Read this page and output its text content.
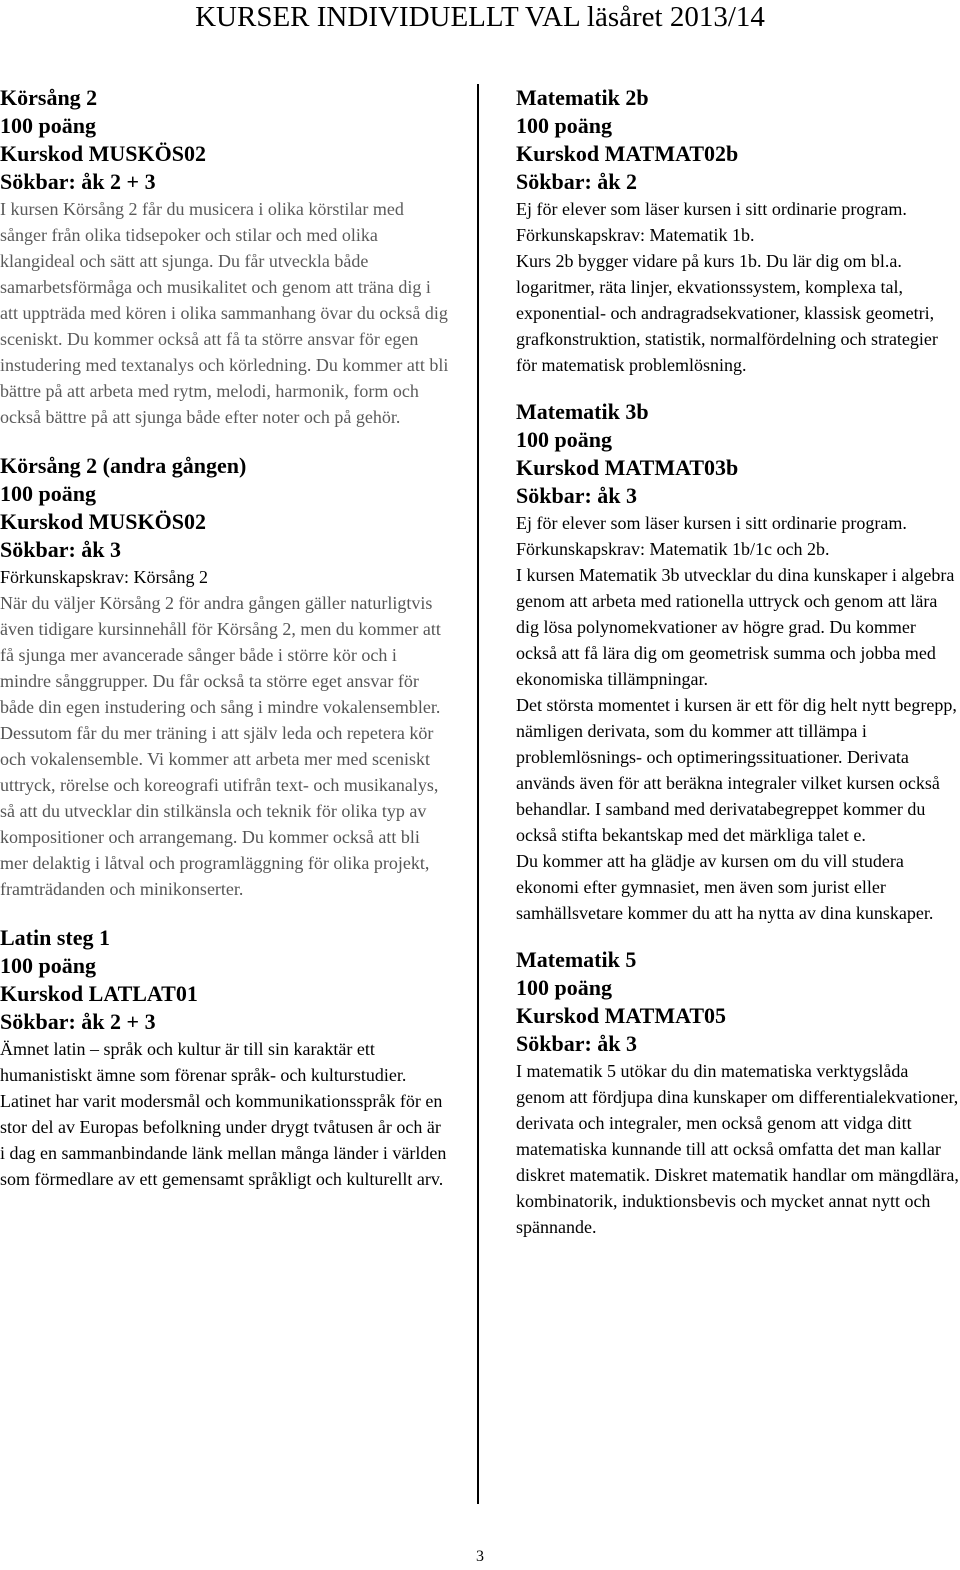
KURSER INDIVIDUELLT VAL läsåret 2013/14
Körsång 2
100 poäng
Kurskod MUSKÖS02
Sökbar: åk 2 + 3
I kursen Körsång 2 får du musicera i olika körstilar med sånger från olika tidsepoker och stilar och med olika klangideal och sätt att sjunga. Du får utveckla både samarbetsförmåga och musikalitet och genom att träna dig i att uppträda med kören i olika sammanhang övar du också dig sceniskt. Du kommer också att få ta större ansvar för egen instudering med textanalys och körledning. Du kommer att bli bättre på att arbeta med rytm, melodi, harmonik, form och också bättre på att sjunga både efter noter och på gehör.
Körsång 2 (andra gången)
100 poäng
Kurskod MUSKÖS02
Sökbar: åk 3
Förkunskapskrav: Körsång 2
När du väljer Körsång 2 för andra gången gäller naturligtvis även tidigare kursinnehåll för Körsång 2, men du kommer att få sjunga mer avancerade sånger både i större kör och i mindre sånggrupper. Du får också ta större eget ansvar för både din egen instudering och sång i mindre vokalensembler. Dessutom får du mer träning i att själv leda och repetera kör och vokalensemble. Vi kommer att arbeta mer med sceniskt uttryck, rörelse och koreografi utifrån text- och musikanalys, så att du utvecklar din stilkänsla och teknik för olika typ av kompositioner och arrangemang. Du kommer också att bli mer delaktig i låtval och programläggning för olika projekt, framträdanden och minikonserter.
Latin steg 1
100 poäng
Kurskod LATLAT01
Sökbar: åk 2 + 3
Ämnet latin – språk och kultur är till sin karaktär ett humanistiskt ämne som förenar språk- och kulturstudier. Latinet har varit modersmål och kommunikationsspråk för en stor del av Europas befolkning under drygt tvåtusen år och är i dag en sammanbindande länk mellan många länder i världen som förmedlare av ett gemensamt språkligt och kulturellt arv.
Matematik 2b
100 poäng
Kurskod MATMAT02b
Sökbar: åk 2
Ej för elever som läser kursen i sitt ordinarie program.
Förkunskapskrav: Matematik 1b.
Kurs 2b bygger vidare på kurs 1b. Du lär dig om bl.a. logaritmer, räta linjer, ekvationssystem, komplexa tal, exponential- och andragradsekvationer, klassisk geometri, grafkonstruktion, statistik, normalfördelning och strategier för matematisk problemlösning.
Matematik 3b
100 poäng
Kurskod MATMAT03b
Sökbar: åk 3
Ej för elever som läser kursen i sitt ordinarie program.
Förkunskapskrav: Matematik 1b/1c och 2b.
I kursen Matematik 3b utvecklar du dina kunskaper i algebra genom att arbeta med rationella uttryck och genom att lära dig lösa polynomekvationer av högre grad. Du kommer också att få lära dig om geometrisk summa och jobba med ekonomiska tillämpningar.
Det största momentet i kursen är ett för dig helt nytt begrepp, nämligen derivata, som du kommer att tillämpa i problemlösnings- och optimeringssituationer. Derivata används även för att beräkna integraler vilket kursen också behandlar. I samband med derivatabegreppet kommer du också stifta bekantskap med det märkliga talet e.
Du kommer att ha glädje av kursen om du vill studera ekonomi efter gymnasiet, men även som jurist eller samhällsvetare kommer du att ha nytta av dina kunskaper.
Matematik 5
100 poäng
Kurskod MATMAT05
Sökbar: åk 3
I matematik 5 utökar du din matematiska verktygslåda genom att fördjupa dina kunskaper om differentialekvationer, derivata och integraler, men också genom att vidga ditt matematiska kunnande till att också omfatta det man kallar diskret matematik. Diskret matematik handlar om mängdlära, kombinatorik, induktionsbevis och mycket annat nytt och spännande.
3
